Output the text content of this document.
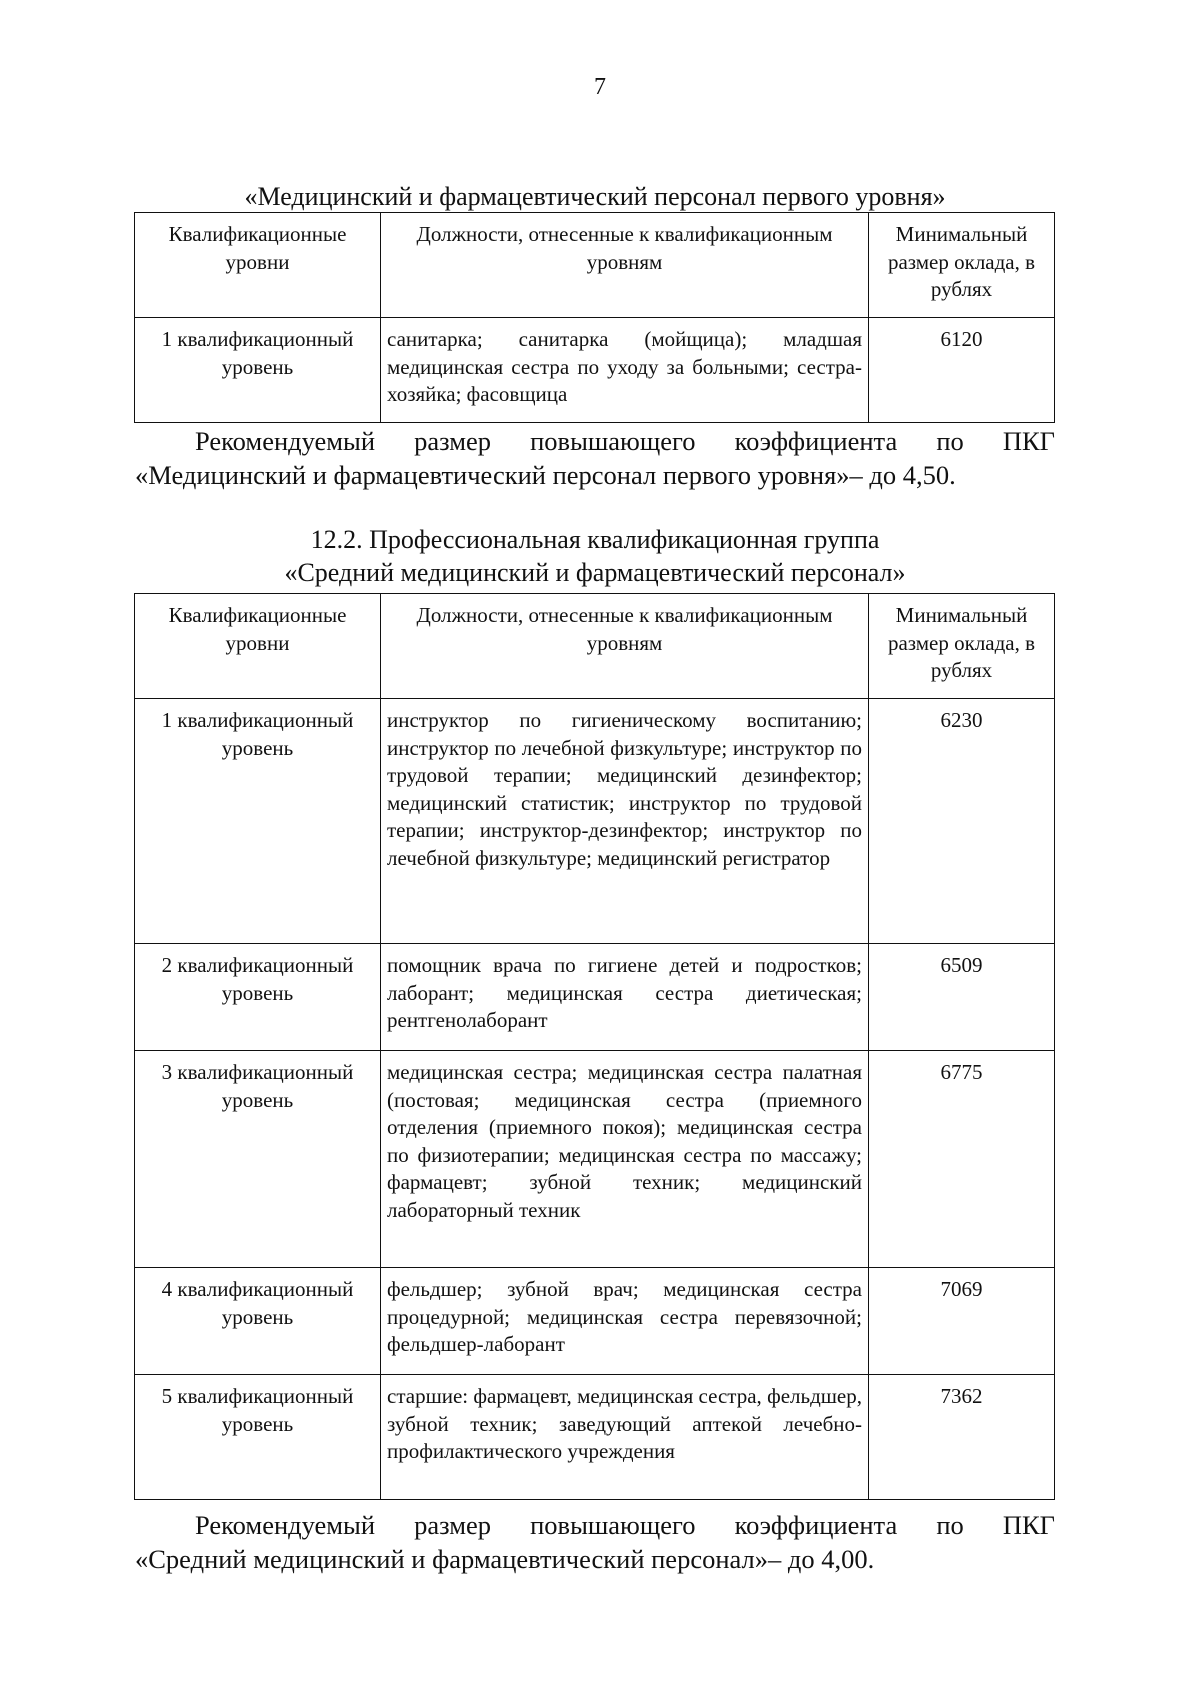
7
«Медицинский и фармацевтический персонал первого уровня»
Квалификационные уровни	Должности, отнесенные к квалификационным уровням	Минимальный размер оклада, в рублях
1 квалификационный уровень	санитарка; санитарка (мойщица); младшая медицинская сестра по уходу за больными; сестра-хозяйка; фасовщица	6120
Рекомендуемый размер повышающего коэффициента по ПКГ
«Медицинский и фармацевтический персонал первого уровня»– до 4,50.
12.2. Профессиональная квалификационная группа
«Средний медицинский и фармацевтический персонал»
Квалификационные уровни	Должности, отнесенные к квалификационным уровням	Минимальный размер оклада, в рублях
1 квалификационный уровень	инструктор по гигиеническому воспитанию; инструктор по лечебной физкультуре; инструктор по трудовой терапии; медицинский дезинфектор; медицинский статистик; инструктор по трудовой терапии; инструктор-дезинфектор; инструктор по лечебной физкультуре; медицинский регистратор	6230
2 квалификационный уровень	помощник врача по гигиене детей и подростков; лаборант; медицинская сестра диетическая; рентгенолаборант	6509
3 квалификационный уровень	медицинская сестра; медицинская сестра палатная (постовая; медицинская сестра (приемного отделения (приемного покоя); медицинская сестра по физиотерапии; медицинская сестра по массажу; фармацевт; зубной техник; медицинский лабораторный техник	6775
4 квалификационный уровень	фельдшер; зубной врач; медицинская сестра процедурной; медицинская сестра перевязочной; фельдшер-лаборант	7069
5 квалификационный уровень	старшие: фармацевт, медицинская сестра, фельдшер, зубной техник; заведующий аптекой лечебно-профилактического учреждения	7362
Рекомендуемый размер повышающего коэффициента по ПКГ
«Средний медицинский и фармацевтический персонал»– до 4,00.
